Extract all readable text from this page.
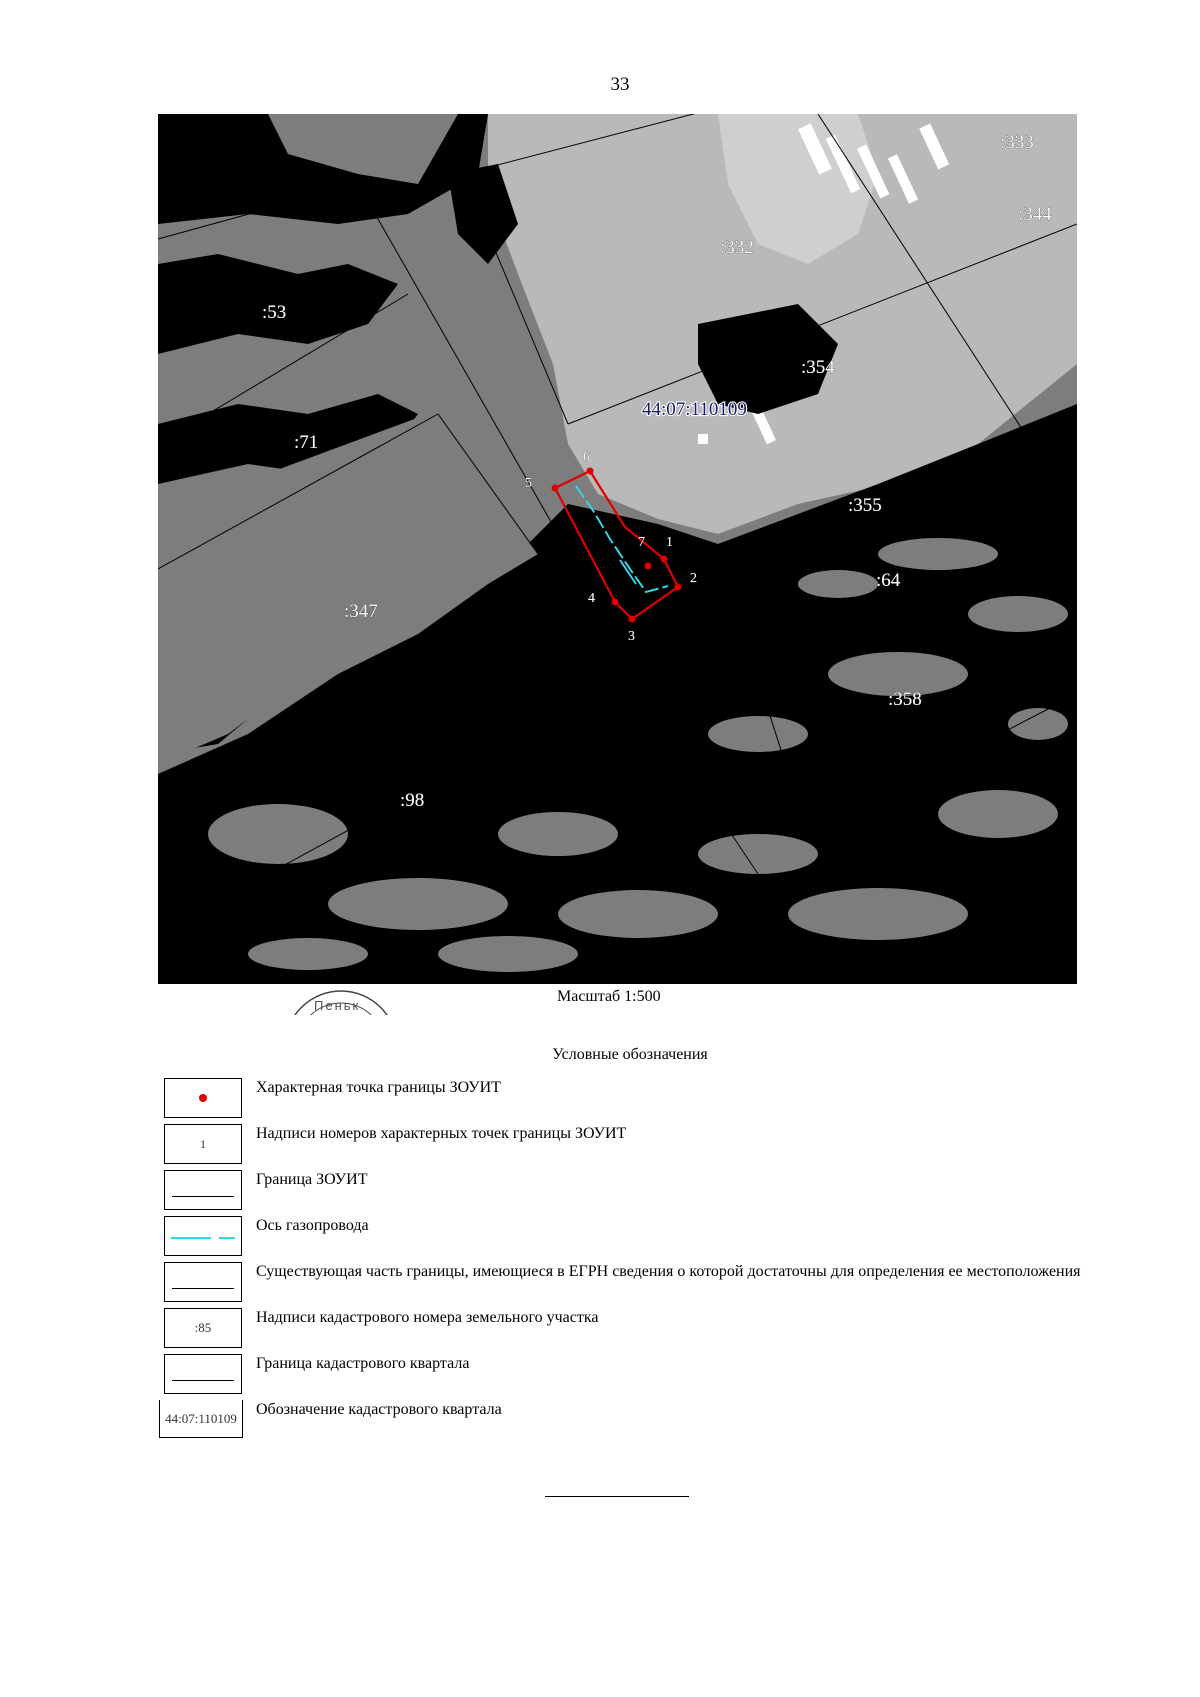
33
1
2
3
4
5
6
7
:333
:344
:332
:53
:354
:71
:355
:64
:347
:358
:98
44:07:110109
Пеньк
Масштаб 1:500
Условные обозначения
Характерная точка границы ЗОУИТ
1
Надписи номеров характерных точек границы ЗОУИТ
Граница ЗОУИТ
Ось газопровода
Существующая часть границы, имеющиеся в ЕГРН сведения о которой достаточны для определения ее местоположения
:85
Надписи кадастрового номера земельного участка
Граница кадастрового квартала
44:07:110109	Обозначение кадастрового квартала
